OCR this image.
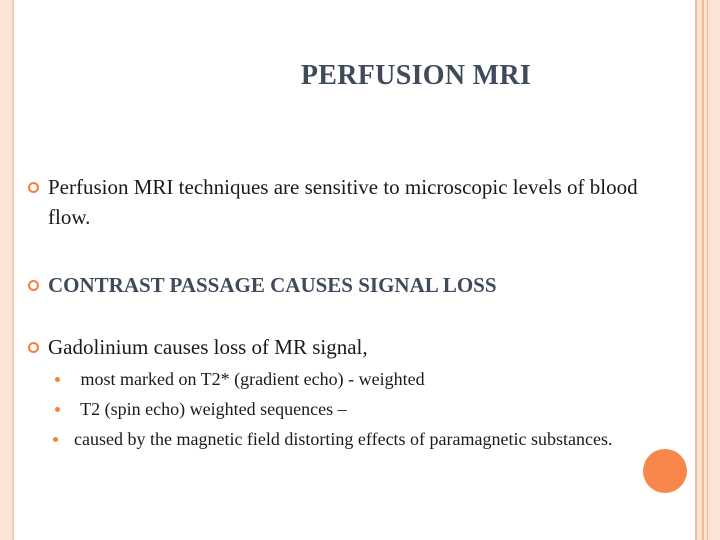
PERFUSION MRI
Perfusion MRI techniques are sensitive to microscopic levels of blood flow.
CONTRAST PASSAGE CAUSES SIGNAL LOSS
Gadolinium causes loss of MR signal,
most marked on T2* (gradient echo) - weighted
T2 (spin echo) weighted sequences –
caused by the magnetic field distorting effects of paramagnetic substances.
